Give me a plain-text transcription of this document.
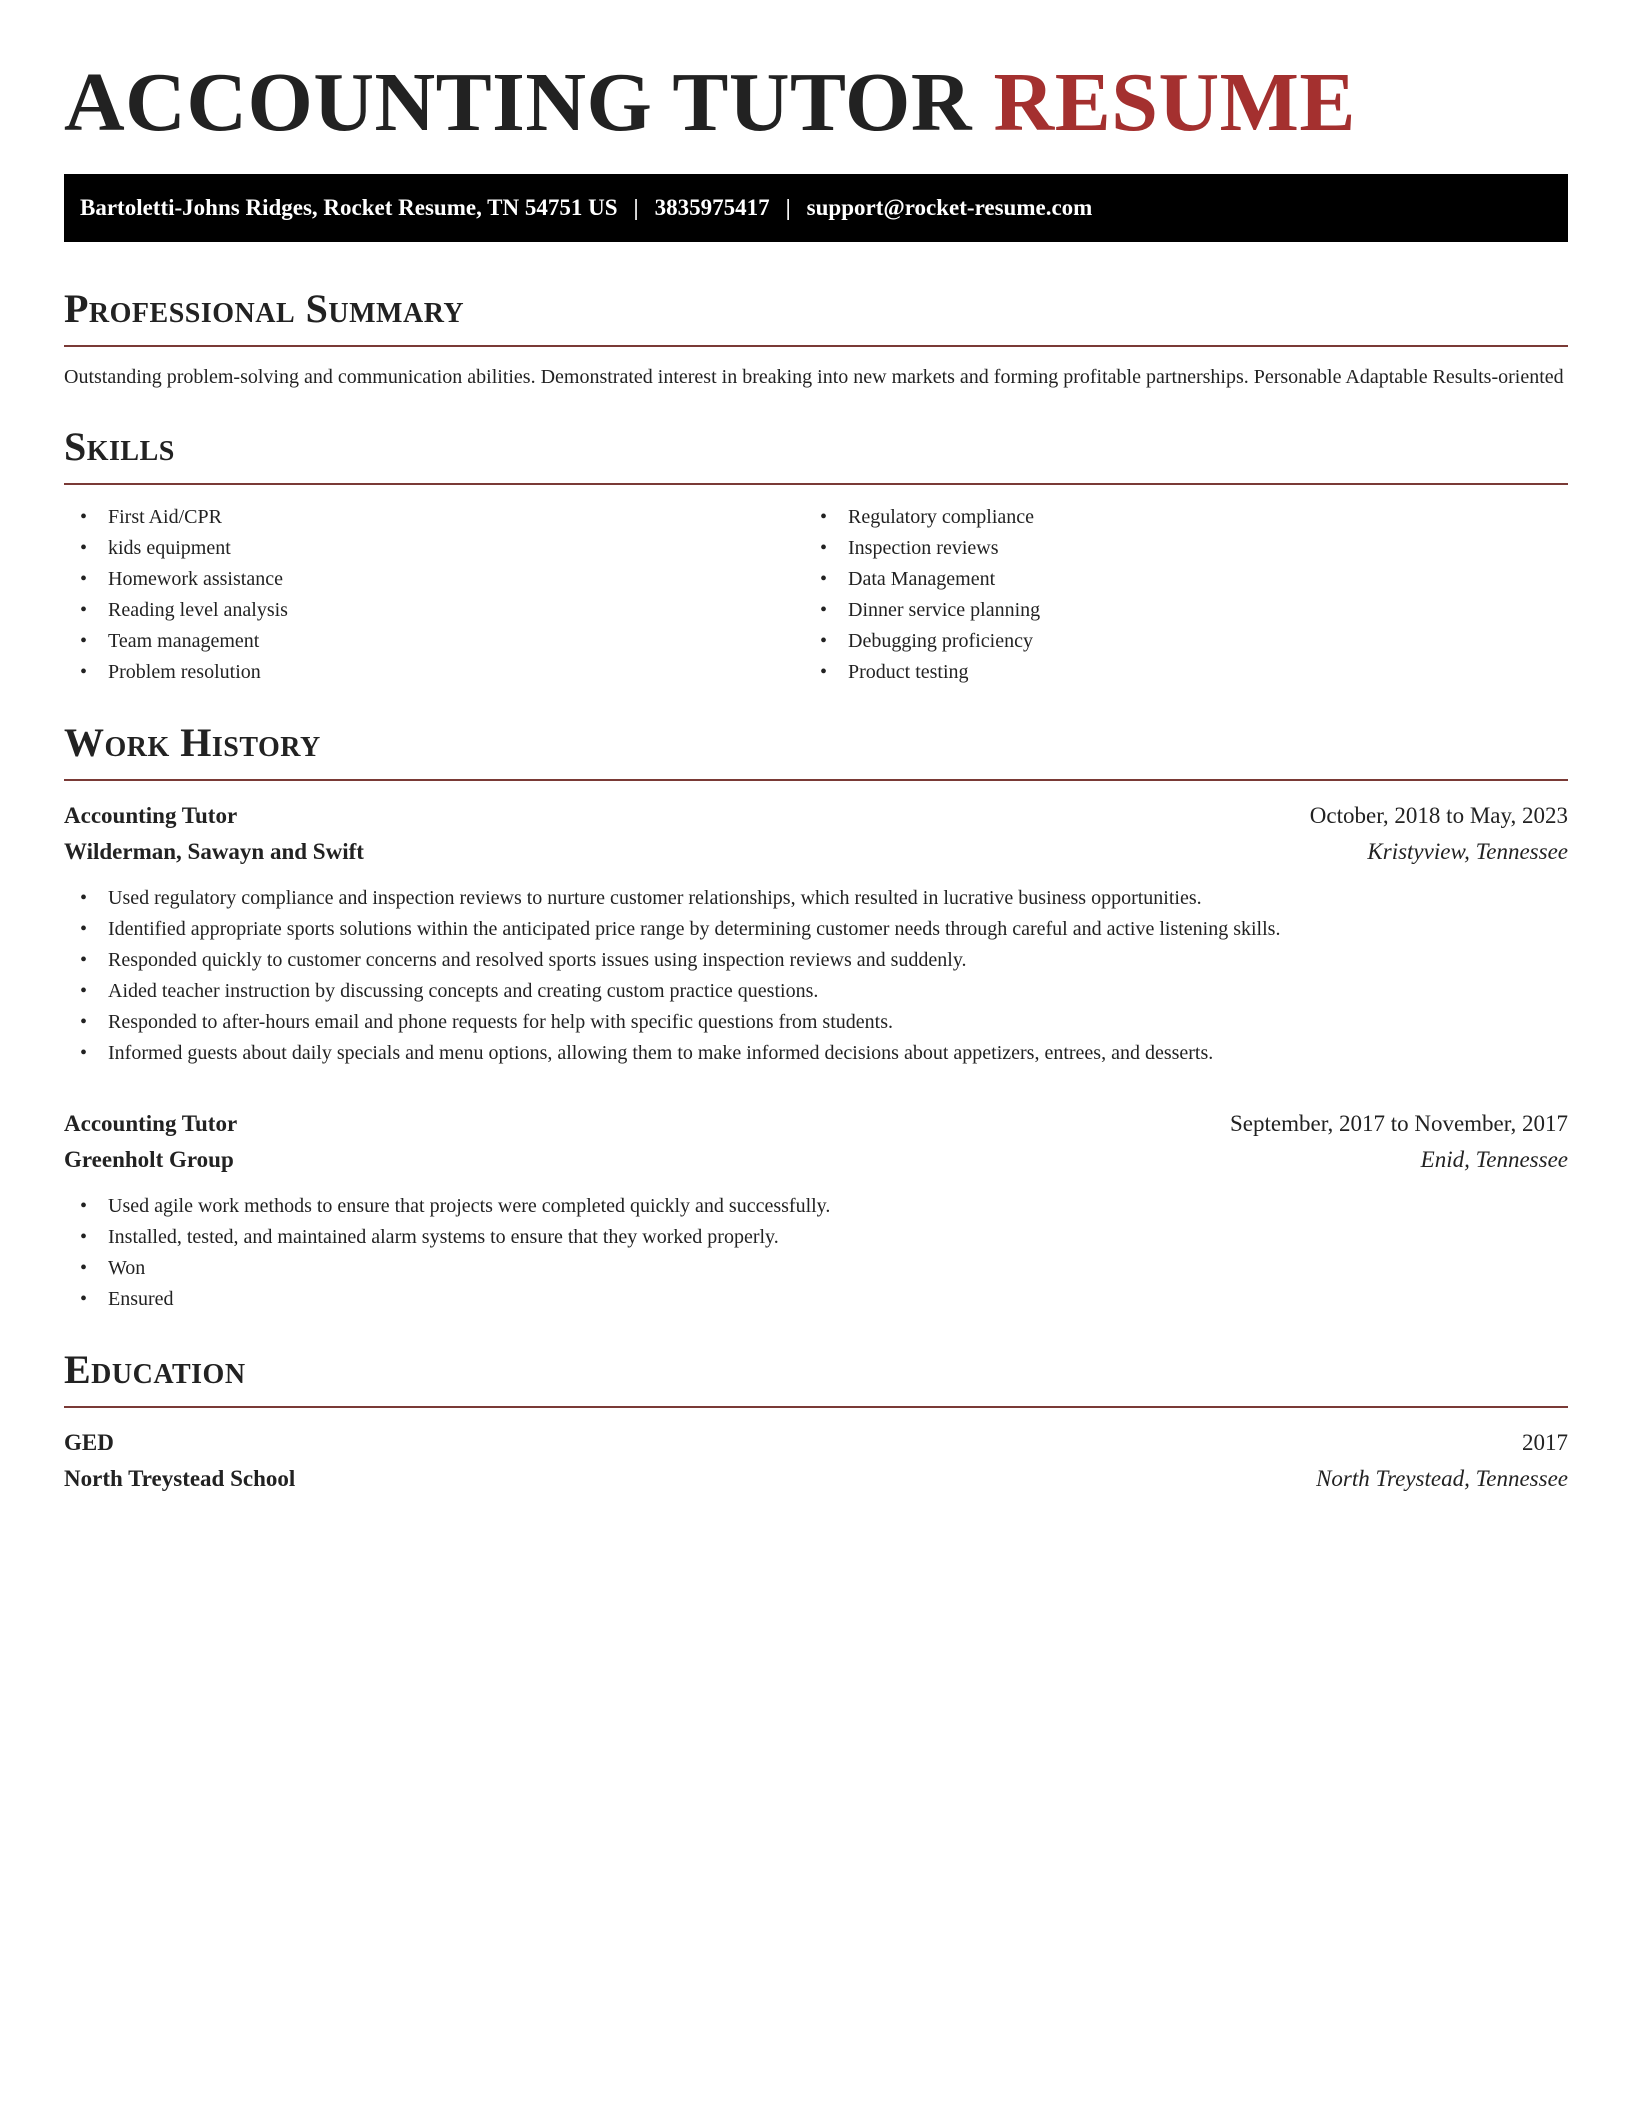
ACCOUNTING TUTOR RESUME
Bartoletti-Johns Ridges, Rocket Resume, TN 54751 US | 3835975417 | support@rocket-resume.com
Professional Summary

Outstanding problem-solving and communication abilities. Demonstrated interest in breaking into new markets and forming profitable partnerships. Personable Adaptable Results-oriented

Skills
• First Aid/CPR
• kids equipment
• Homework assistance
• Reading level analysis
• Team management
• Problem resolution
• Regulatory compliance
• Inspection reviews
• Data Management
• Dinner service planning
• Debugging proficiency
• Product testing
Work History
Accounting Tutor	October, 2018 to May, 2023
Wilderman, Sawayn and Swift	Kristyview, Tennessee
• Used regulatory compliance and inspection reviews to nurture customer relationships, which resulted in lucrative business opportunities.
• Identified appropriate sports solutions within the anticipated price range by determining customer needs through careful and active listening skills.
• Responded quickly to customer concerns and resolved sports issues using inspection reviews and suddenly.
• Aided teacher instruction by discussing concepts and creating custom practice questions.
• Responded to after-hours email and phone requests for help with specific questions from students.
• Informed guests about daily specials and menu options, allowing them to make informed decisions about appetizers, entrees, and desserts.
Accounting Tutor	September, 2017 to November, 2017
Greenholt Group	Enid, Tennessee
• Used agile work methods to ensure that projects were completed quickly and successfully.
• Installed, tested, and maintained alarm systems to ensure that they worked properly.
• Won
• Ensured
Education
GED	2017
North Treystead School	North Treystead, Tennessee
